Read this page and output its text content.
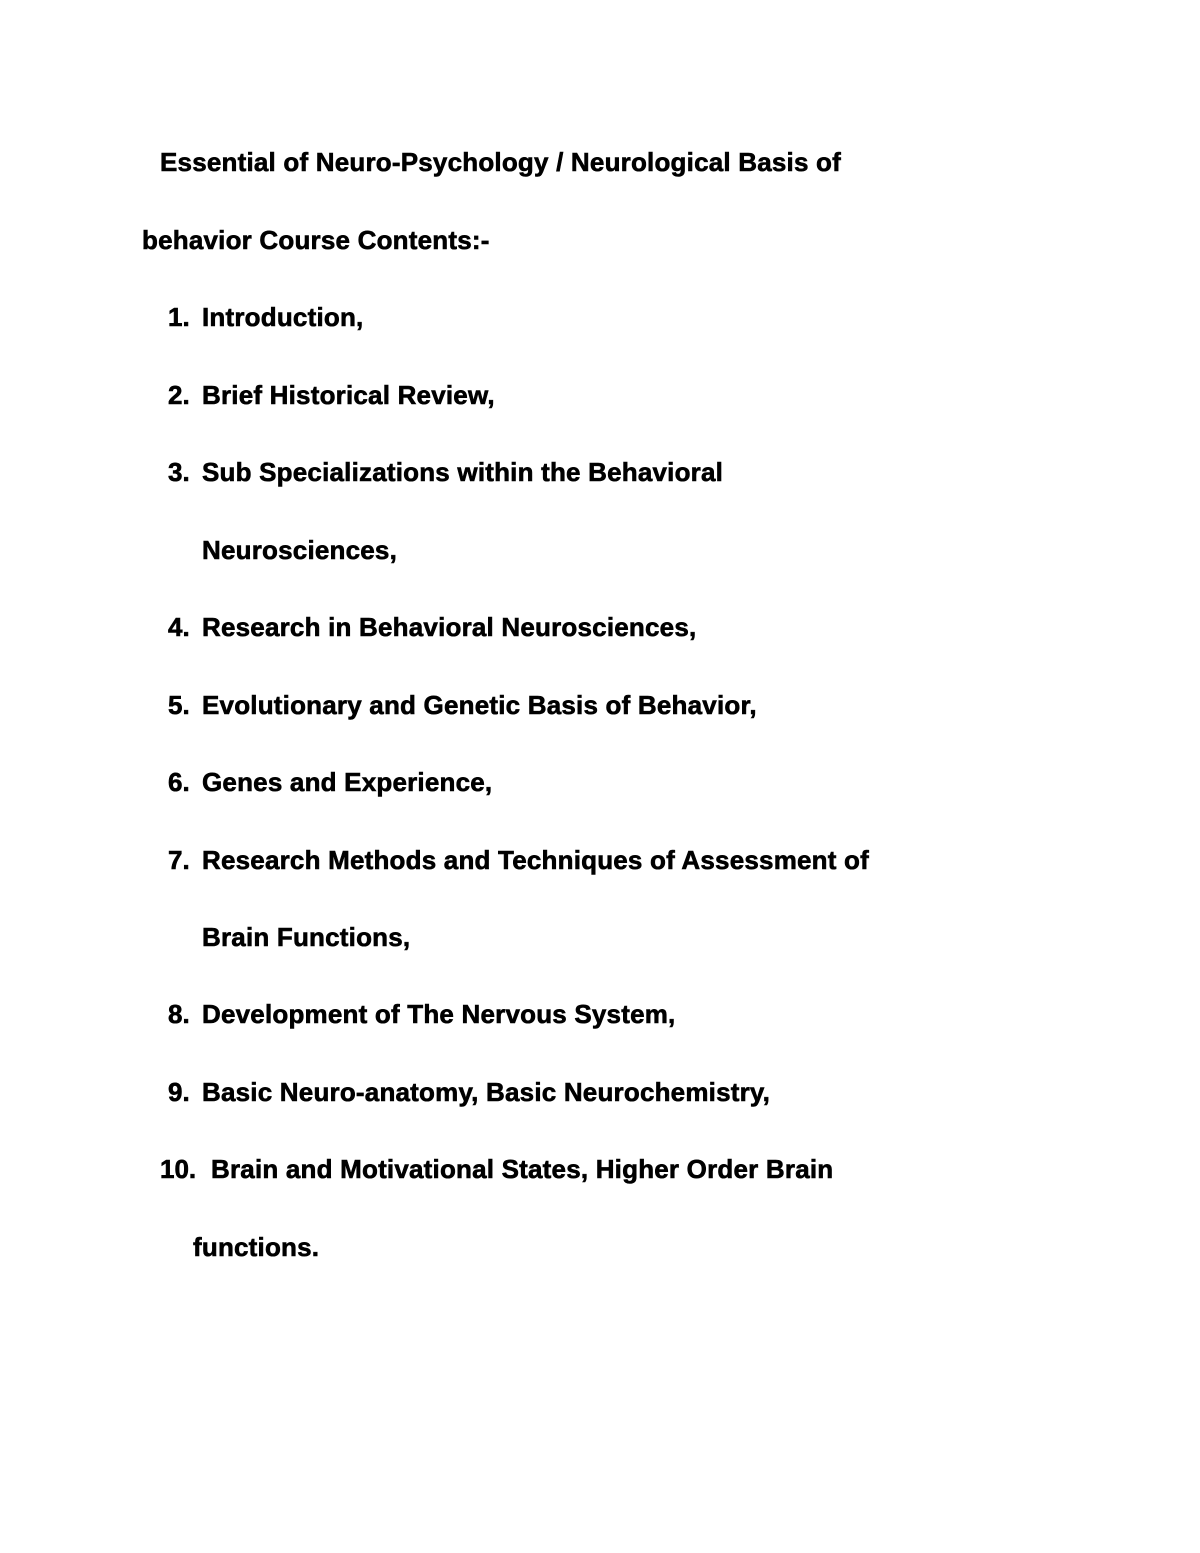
Essential of Neuro-Psychology / Neurological Basis of
behavior Course Contents:-
1. Introduction,
2. Brief Historical Review,
3. Sub Specializations within the Behavioral
Neurosciences,
4. Research in Behavioral Neurosciences,
5. Evolutionary and Genetic Basis of Behavior,
6. Genes and Experience,
7. Research Methods and Techniques of Assessment of
Brain Functions,
8. Development of The Nervous System,
9. Basic Neuro-anatomy, Basic Neurochemistry,
10. Brain and Motivational States, Higher Order Brain
functions.
